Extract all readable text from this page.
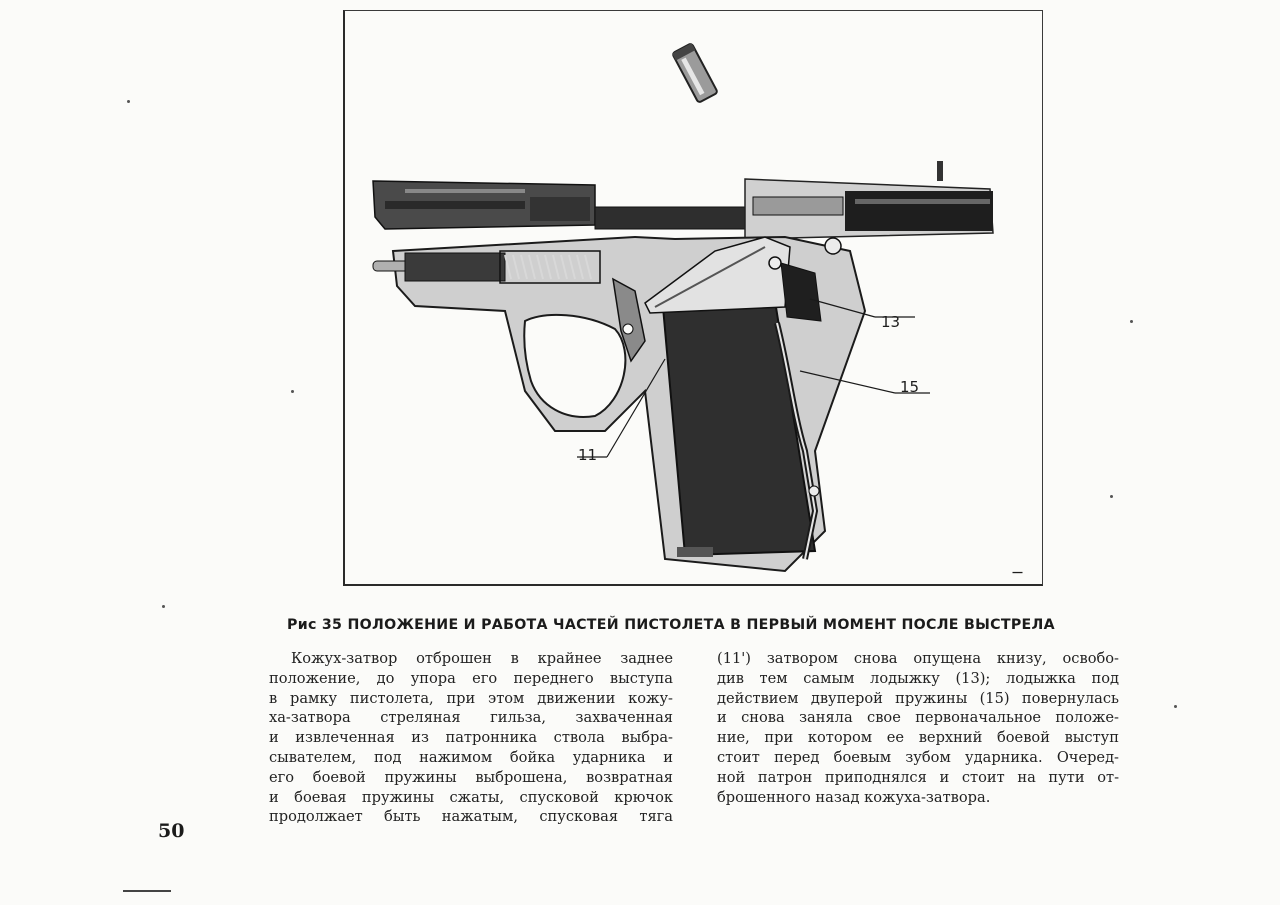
13
15
11
I
Рис 35 ПОЛОЖЕНИЕ И РАБОТА ЧАСТЕЙ ПИСТОЛЕТА В ПЕРВЫЙ МОМЕНТ ПОСЛЕ ВЫСТРЕЛА
Кожух-затвор отброшен в крайнее заднее
положение, до упора его переднего выступа
в рамку пистолета, при этом движении кожу-
ха-затвора стреляная гильза, захваченная
и извлеченная из патронника ствола выбра-
сывателем, под нажимом бойка ударника и
его боевой пружины выброшена, возвратная
и боевая пружины сжаты, спусковой крючок
продолжает быть нажатым, спусковая тяга
(11') затвором снова опущена книзу, освобо-
див тем самым лодыжку (13); лодыжка под
действием двуперой пружины (15) повернулась
и снова заняла свое первоначальное положе-
ние, при котором ее верхний боевой выступ
стоит перед боевым зубом ударника. Очеред-
ной патрон приподнялся и стоит на пути от-
брошенного назад кожуха-затвора.
50
